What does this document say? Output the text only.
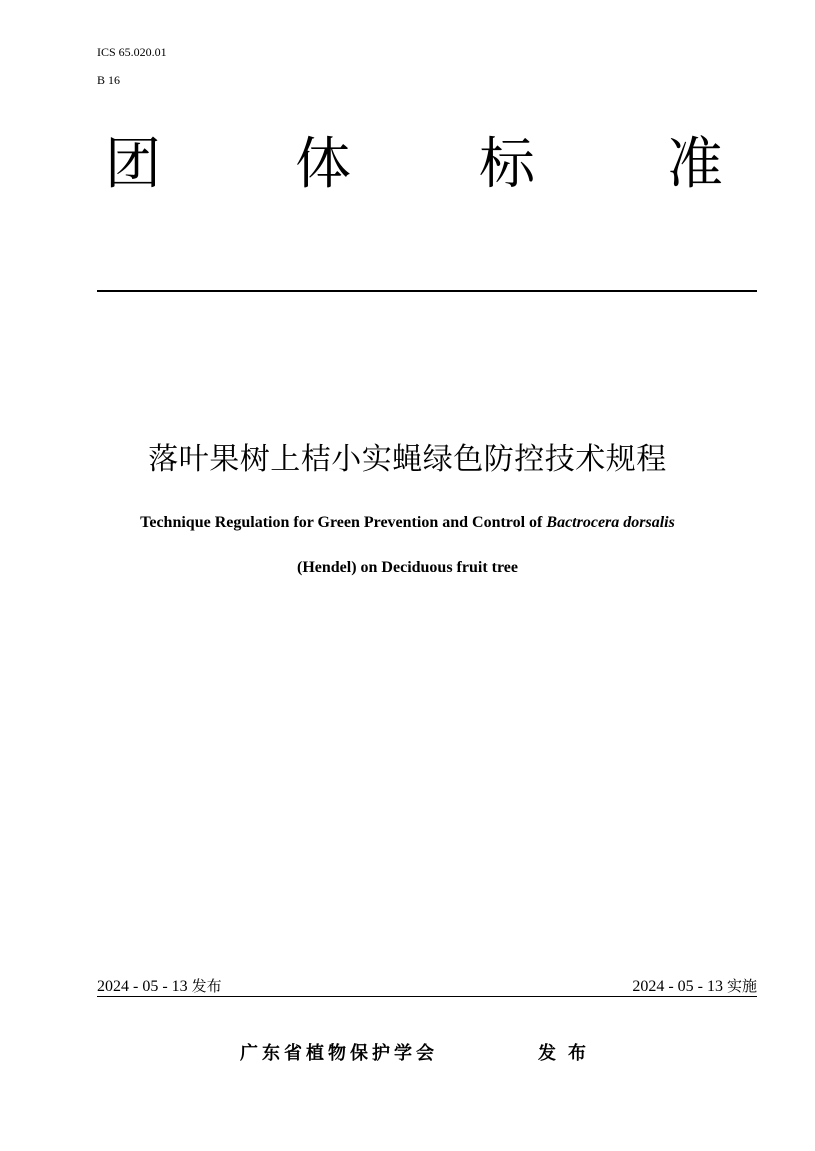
ICS 65.020.01
B 16
团 体 标 准
落叶果树上桔小实蝇绿色防控技术规程
Technique Regulation for Green Prevention and Control of Bactrocera dorsalis
(Hendel) on Deciduous fruit tree
2024 - 05 - 13 发布	2024 - 05 - 13 实施
广东省植物保护学会	发布
